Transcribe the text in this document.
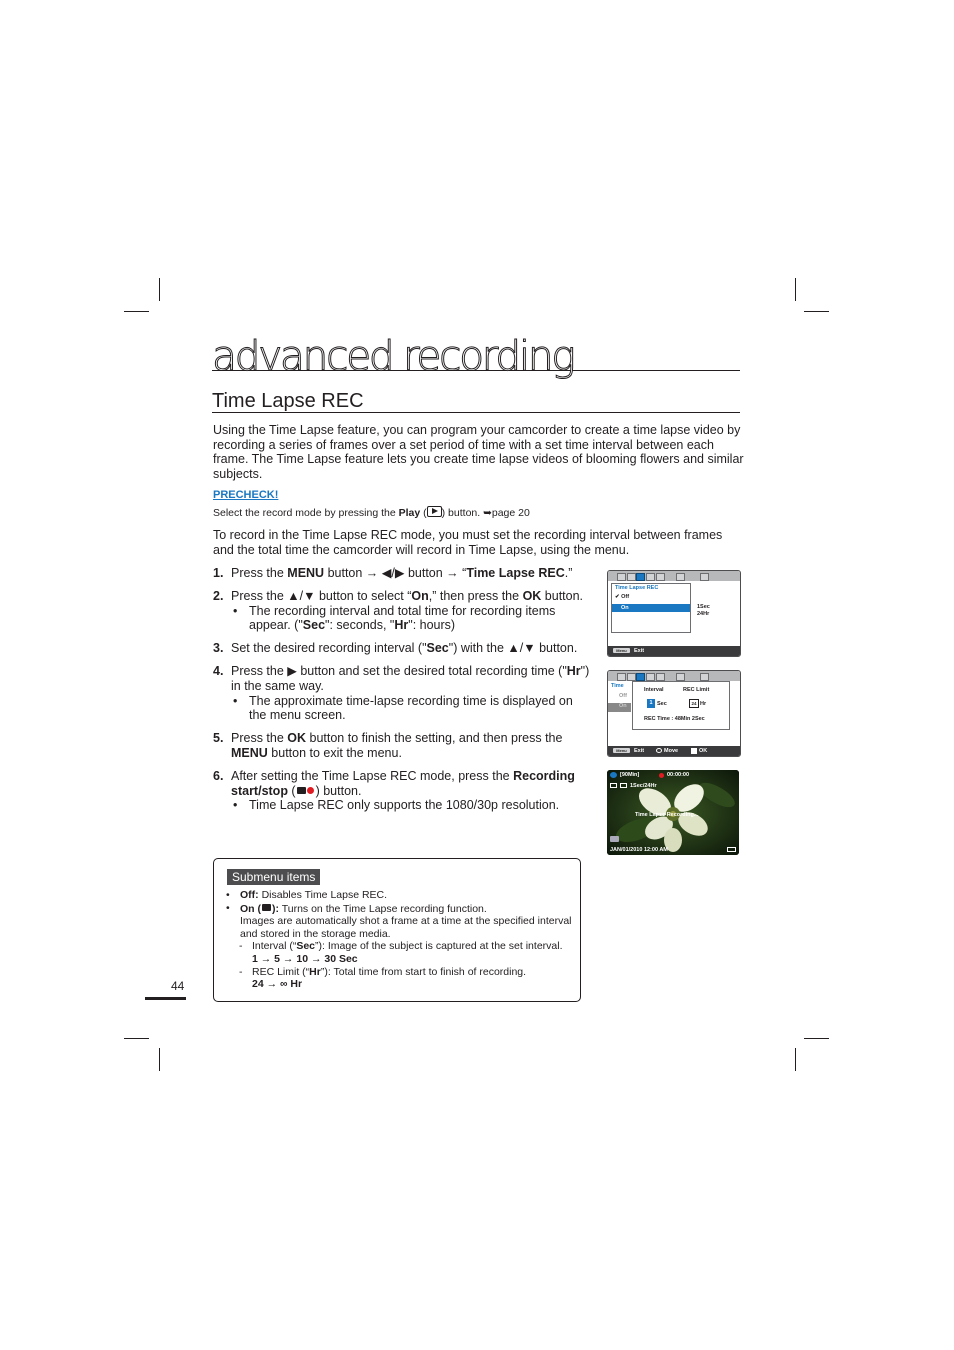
advanced recording
Time Lapse REC

Using the Time Lapse feature, you can program your camcorder to create a time lapse video by recording a series of frames over a set period of time with a set time interval between each frame. The Time Lapse feature lets you create time lapse videos of blooming flowers and similar subjects.

PRECHECK!
Select the record mode by pressing the Play ( ) button. ➥page 20

To record in the Time Lapse REC mode, you must set the recording interval between frames and the total time the camcorder will record in Time Lapse, using the menu.

1. Press the MENU button → ◀/▶ button → “Time Lapse REC.”
2. Press the ▲/▼ button to select “On,” then press the OK button.
• The recording interval and total time for recording items appear. ("Sec": seconds, "Hr": hours)
3. Set the desired recording interval ("Sec") with the ▲/▼ button.
4. Press the ▶ button and set the desired total recording time ("Hr") in the same way.
• The approximate time-lapse recording time is displayed on the menu screen.
5. Press the OK button to finish the setting, and then press the MENU button to exit the menu.
6. After setting the Time Lapse REC mode, press the Recording start/stop ( ) button.
• Time Lapse REC only supports the 1080/30p resolution.
Submenu items
• Off: Disables Time Lapse REC.
• On ( ): Turns on the Time Lapse recording function.
Images are automatically shot a frame at a time at the specified interval and stored in the storage media.
- Interval (“Sec”): Image of the subject is captured at the set interval.
1 → 5 → 10 → 30 Sec
- REC Limit (“Hr”): Total time from start to finish of recording.
24 → ∞ Hr
44
Time Lapse REC
✔ Off
On	1Sec
24Hr
Menu	Exit
Time
Off
On
Interval	REC Limit
1 Sec	24 Hr
REC Time : 48Min 2Sec
Menu	Exit	Move	OK
[90Min]	00:00:00
1Sec/24Hr
Time Lapse Recording...
JAN/01/2010 12:00 AM
